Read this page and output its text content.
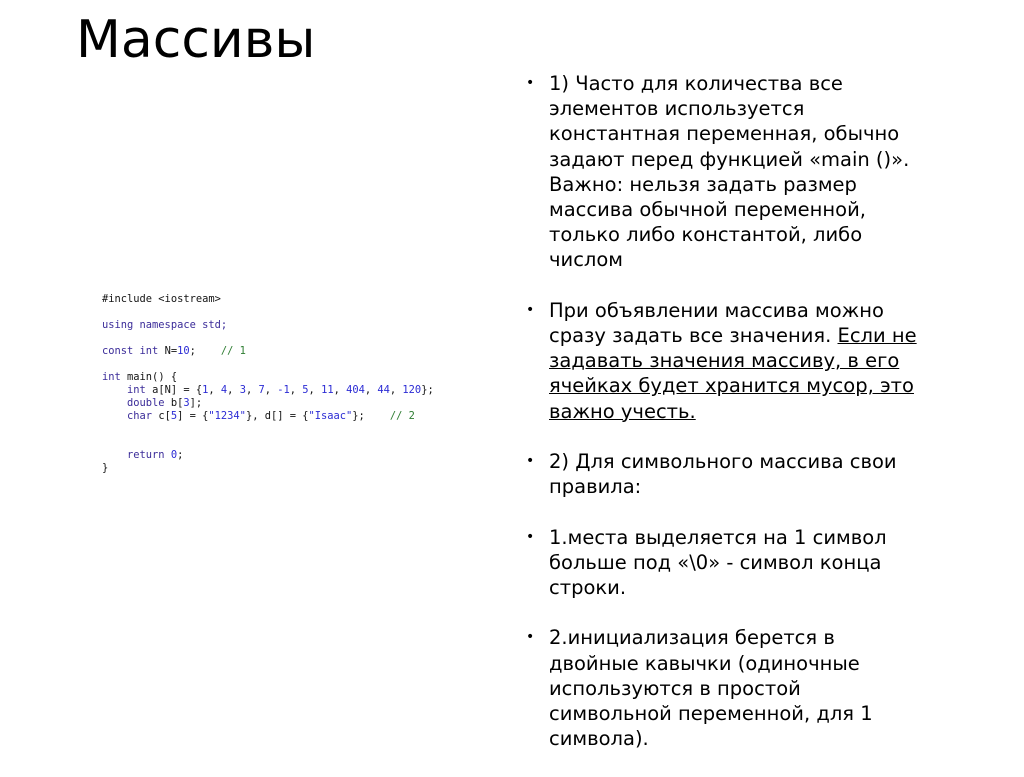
Массивы
#include <iostream>
using namespace std;
const int N=10;    // 1
int main() {
int a[N] = {1, 4, 3, 7, -1, 5, 11, 404, 44, 120};
double b[3];
char c[5] = {"1234"}, d[] = {"Isaac"};    // 2
return 0;
}
• 1) Часто для количества все
элементов используется
константная переменная, обычно
задают перед функцией «main ()».
Важно: нельзя задать размер
массива обычной переменной,
только либо константой, либо
числом
• При объявлении массива можно
сразу задать все значения. Если не
задавать значения массиву, в его
ячейках будет хранится мусор, это
важно учесть.
• 2) Для символьного массива свои
правила:
• 1.места выделяется на 1 символ
больше под «\0» - символ конца
строки.
• 2.инициализация берется в
двойные кавычки (одиночные
используются в простой
символьной переменной, для 1
символа).
